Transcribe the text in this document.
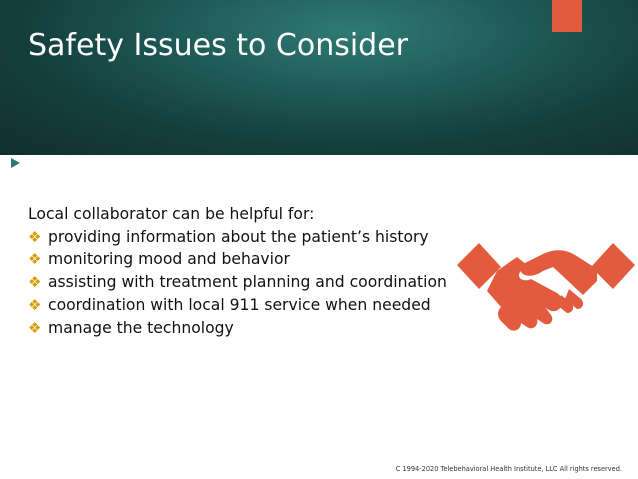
Safety Issues to Consider
Local collaborator can be helpful for:
❖ providing information about the patient’s history
❖ monitoring mood and behavior
❖ assisting with treatment planning and coordination
❖ coordination with local 911 service when needed
❖ manage the technology
C 1994-2020 Telebehavioral Health Institute, LLC All rights reserved.
